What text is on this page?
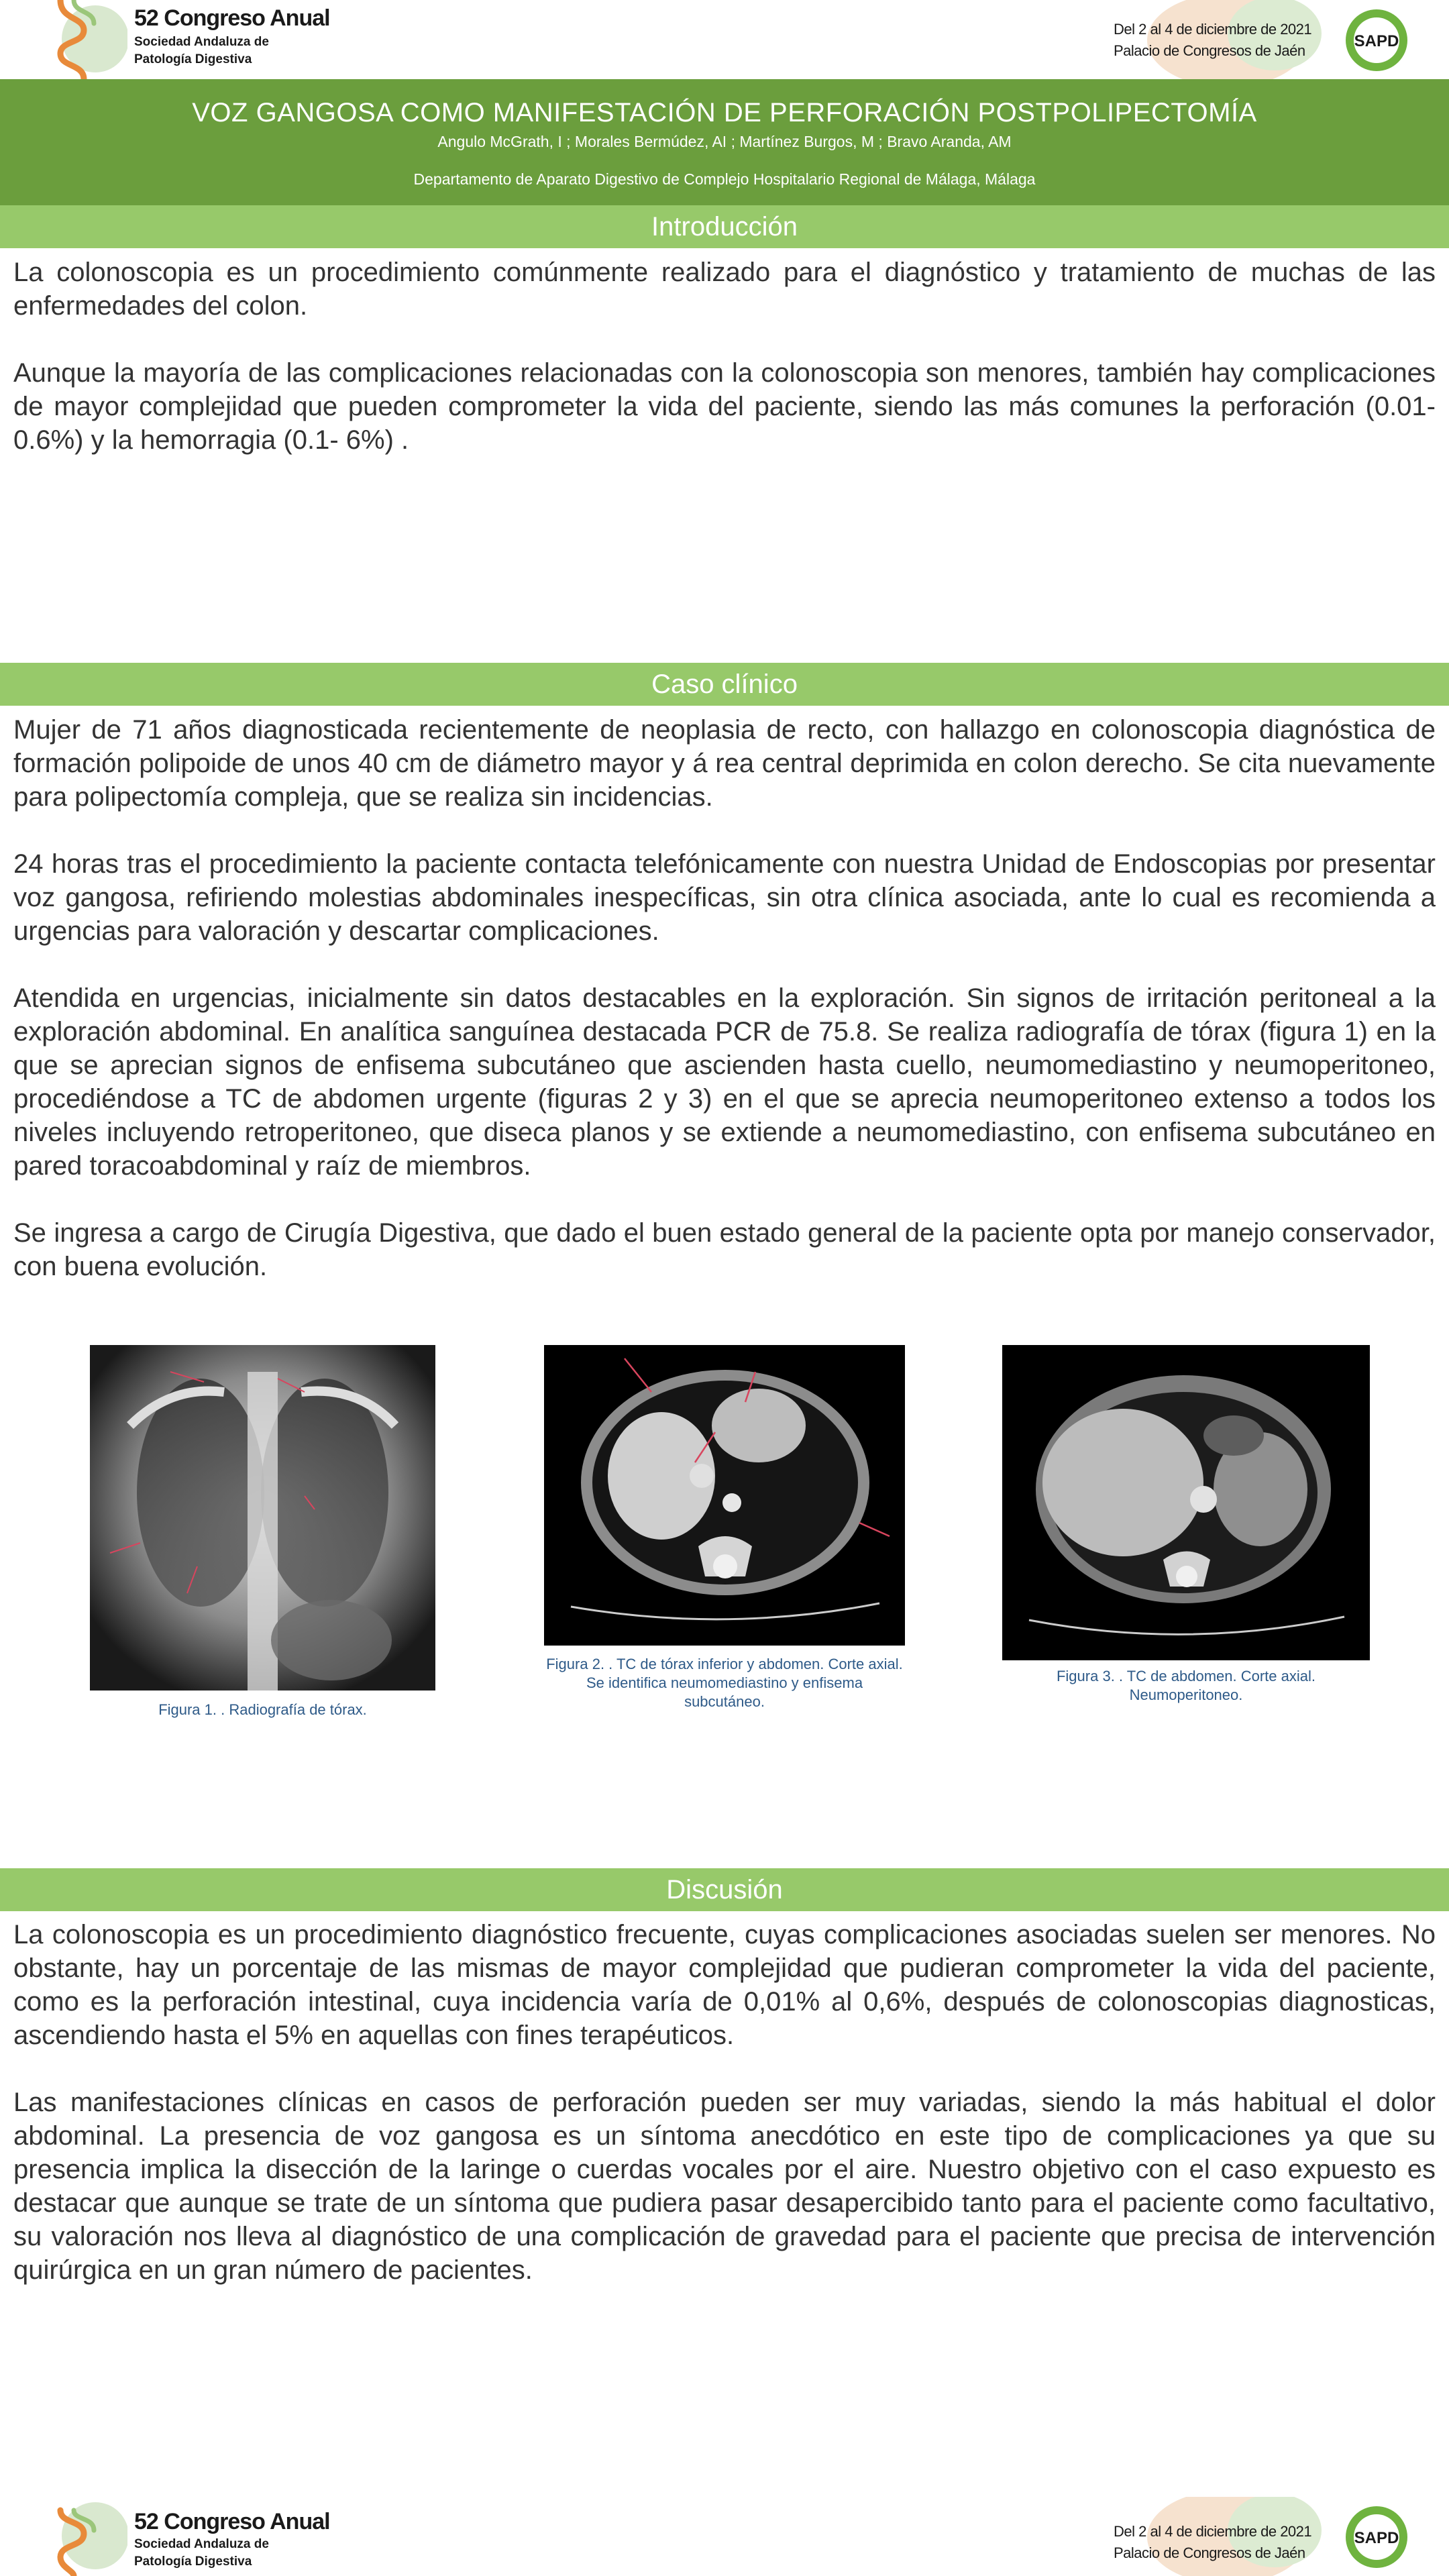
52 Congreso Anual
Sociedad Andaluza de
Patología Digestiva
Del 2 al 4 de diciembre de 2021
Palacio de Congresos de Jaén
SAPD
VOZ GANGOSA COMO MANIFESTACIÓN DE PERFORACIÓN POSTPOLIPECTOMÍA
Angulo McGrath, I ; Morales Bermúdez, AI ; Martínez Burgos, M ; Bravo Aranda, AM
Departamento de Aparato Digestivo de Complejo Hospitalario Regional de Málaga, Málaga
Introducción

La colonoscopia es un procedimiento comúnmente realizado para el diagnóstico y tratamiento de muchas de las enfermedades del colon.

Aunque la mayoría de las complicaciones relacionadas con la colonoscopia son menores, también hay complicaciones de mayor complejidad que pueden comprometer la vida del paciente, siendo las más comunes la perforación (0.01- 0.6%) y la hemorragia (0.1- 6%) .

Caso clínico

Mujer de 71 años diagnosticada recientemente de neoplasia de recto, con hallazgo en colonoscopia diagnóstica de formación polipoide de unos 40 cm de diámetro mayor y á rea central deprimida en colon derecho. Se cita nuevamente para polipectomía compleja, que se realiza sin incidencias.

24 horas tras el procedimiento la paciente contacta telefónicamente con nuestra Unidad de Endoscopias por presentar voz gangosa, refiriendo molestias abdominales inespecíficas, sin otra clínica asociada, ante lo cual es recomienda a urgencias para valoración y descartar complicaciones.

Atendida en urgencias, inicialmente sin datos destacables en la exploración. Sin signos de irritación peritoneal a la exploración abdominal. En analítica sanguínea destacada PCR de 75.8. Se realiza radiografía de tórax (figura 1) en la que se aprecian signos de enfisema subcutáneo que ascienden hasta cuello, neumomediastino y neumoperitoneo, procediéndose a TC de abdomen urgente (figuras 2 y 3) en el que se aprecia neumoperitoneo extenso a todos los niveles incluyendo retroperitoneo, que diseca planos y se extiende a neumomediastino, con enfisema subcutáneo en pared toracoabdominal y raíz de miembros.

Se ingresa a cargo de Cirugía Digestiva, que dado el buen estado general de la paciente opta por manejo conservador, con buena evolución.

Figura 1. . Radiografía de tórax.
Figura 2. . TC de tórax inferior y abdomen. Corte axial. Se identifica neumomediastino y enfisema subcutáneo.
Figura 3. . TC de abdomen. Corte axial. Neumoperitoneo.
Discusión

La colonoscopia es un procedimiento diagnóstico frecuente, cuyas complicaciones asociadas suelen ser menores. No obstante, hay un porcentaje de las mismas de mayor complejidad que pudieran comprometer la vida del paciente, como es la perforación intestinal, cuya incidencia varía de 0,01% al 0,6%, después de colonoscopias diagnosticas, ascendiendo hasta el 5% en aquellas con fines terapéuticos.

Las manifestaciones clínicas en casos de perforación pueden ser muy variadas, siendo la más habitual el dolor abdominal. La presencia de voz gangosa es un síntoma anecdótico en este tipo de complicaciones ya que su presencia implica la disección de la laringe o cuerdas vocales por el aire. Nuestro objetivo con el caso expuesto es destacar que aunque se trate de un síntoma que pudiera pasar desapercibido tanto para el paciente como facultativo, su valoración nos lleva al diagnóstico de una complicación de gravedad para el paciente que precisa de intervención quirúrgica en un gran número de pacientes.

52 Congreso Anual
Sociedad Andaluza de
Patología Digestiva
Del 2 al 4 de diciembre de 2021
Palacio de Congresos de Jaén
SAPD
